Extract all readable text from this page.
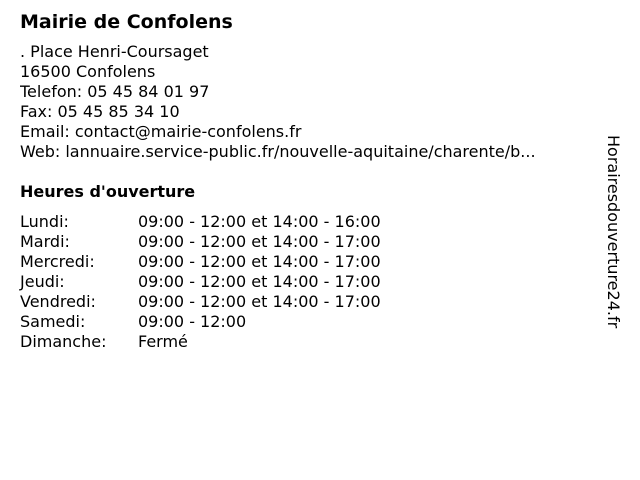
Mairie de Confolens
. Place Henri-Coursaget
16500 Confolens
Telefon: 05 45 84 01 97
Fax: 05 45 85 34 10
Email: contact@mairie-confolens.fr
Web: lannuaire.service-public.fr/nouvelle-aquitaine/charente/b...
Heures d'ouverture
Lundi:	09:00 - 12:00 et 14:00 - 16:00
Mardi:	09:00 - 12:00 et 14:00 - 17:00
Mercredi:	09:00 - 12:00 et 14:00 - 17:00
Jeudi:	09:00 - 12:00 et 14:00 - 17:00
Vendredi:	09:00 - 12:00 et 14:00 - 17:00
Samedi:	09:00 - 12:00
Dimanche:	Fermé
Horairesdouverture24.fr
